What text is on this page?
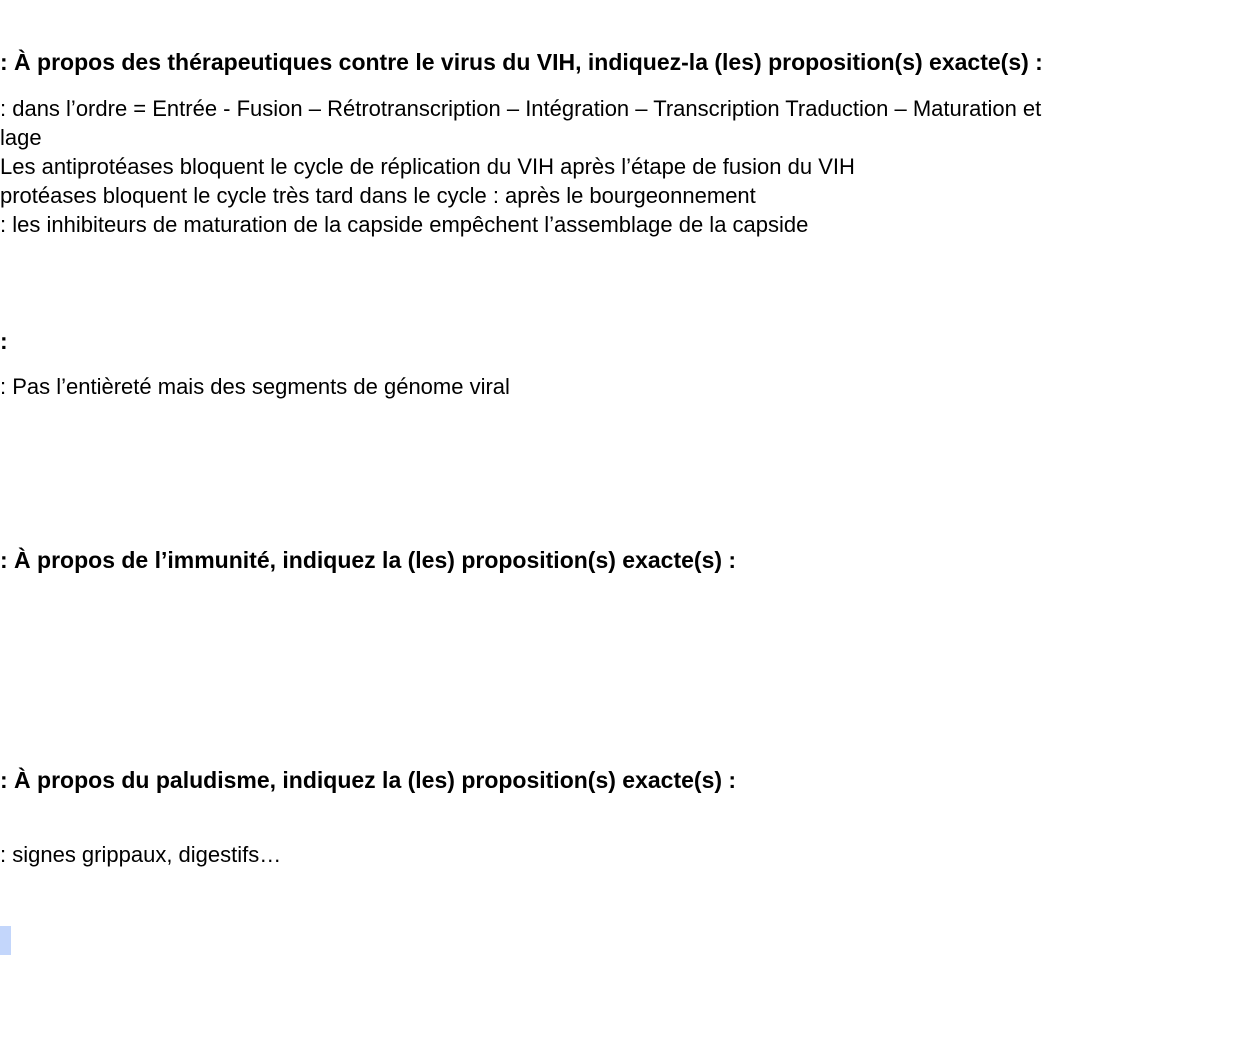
: À propos des thérapeutiques contre le virus du VIH, indiquez-la (les) proposition(s) exacte(s) :
: dans l’ordre = Entrée - Fusion – Rétrotranscription – Intégration – Transcription Traduction – Maturation et
lage
Les antiprotéases bloquent le cycle de réplication du VIH après l’étape de fusion du VIH
protéases bloquent le cycle très tard dans le cycle : après le bourgeonnement
: les inhibiteurs de maturation de la capside empêchent l’assemblage de la capside
:
: Pas l’entièreté mais des segments de génome viral
: À propos de l’immunité, indiquez la (les) proposition(s) exacte(s) :
: À propos du paludisme, indiquez la (les) proposition(s) exacte(s) :
: signes grippaux, digestifs…
